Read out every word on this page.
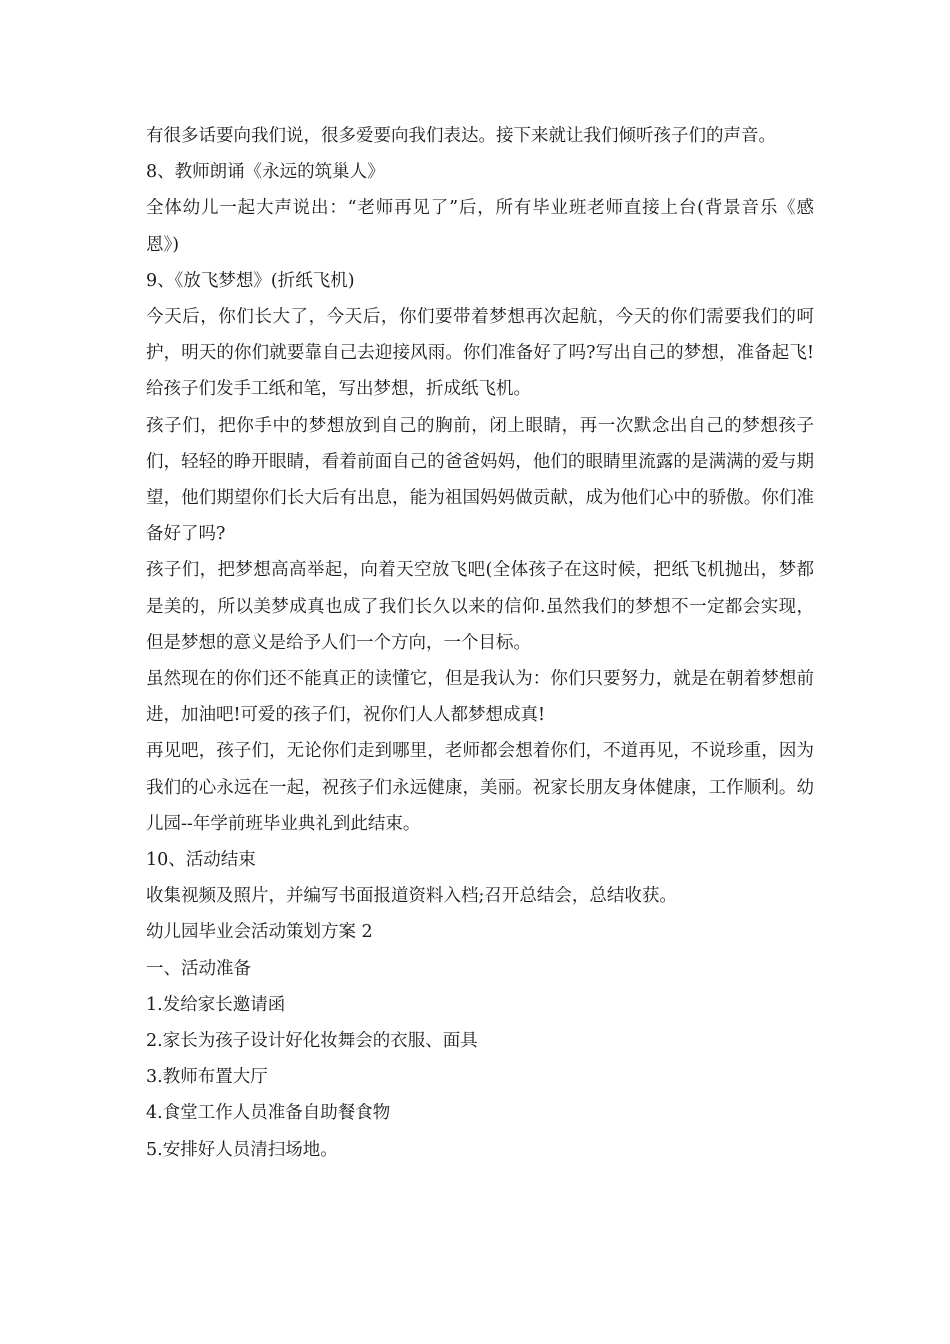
有很多话要向我们说，很多爱要向我们表达。接下来就让我们倾听孩子们的声音。

8、教师朗诵《永远的筑巢人》

全体幼儿一起大声说出：“老师再见了”后，所有毕业班老师直接上台(背景音乐《感恩》)

9、《放飞梦想》(折纸飞机)

今天后，你们长大了，今天后，你们要带着梦想再次起航，今天的你们需要我们的呵护，明天的你们就要靠自己去迎接风雨。你们准备好了吗?写出自己的梦想，准备起飞!给孩子们发手工纸和笔，写出梦想，折成纸飞机。

孩子们，把你手中的梦想放到自己的胸前，闭上眼睛，再一次默念出自己的梦想孩子们，轻轻的睁开眼睛，看着前面自己的爸爸妈妈，他们的眼睛里流露的是满满的爱与期望，他们期望你们长大后有出息，能为祖国妈妈做贡献，成为他们心中的骄傲。你们准备好了吗?

孩子们，把梦想高高举起，向着天空放飞吧(全体孩子在这时候，把纸飞机抛出，梦都是美的，所以美梦成真也成了我们长久以来的信仰.虽然我们的梦想不一定都会实现，但是梦想的意义是给予人们一个方向，一个目标。

虽然现在的你们还不能真正的读懂它，但是我认为：你们只要努力，就是在朝着梦想前进，加油吧!可爱的孩子们，祝你们人人都梦想成真!

再见吧，孩子们，无论你们走到哪里，老师都会想着你们，不道再见，不说珍重，因为我们的心永远在一起，祝孩子们永远健康，美丽。祝家长朋友身体健康，工作顺利。幼儿园--年学前班毕业典礼到此结束。

10、活动结束

收集视频及照片，并编写书面报道资料入档;召开总结会，总结收获。

幼儿园毕业会活动策划方案 2

一、活动准备

1.发给家长邀请函

2.家长为孩子设计好化妆舞会的衣服、面具

3.教师布置大厅

4.食堂工作人员准备自助餐食物

5.安排好人员清扫场地。
